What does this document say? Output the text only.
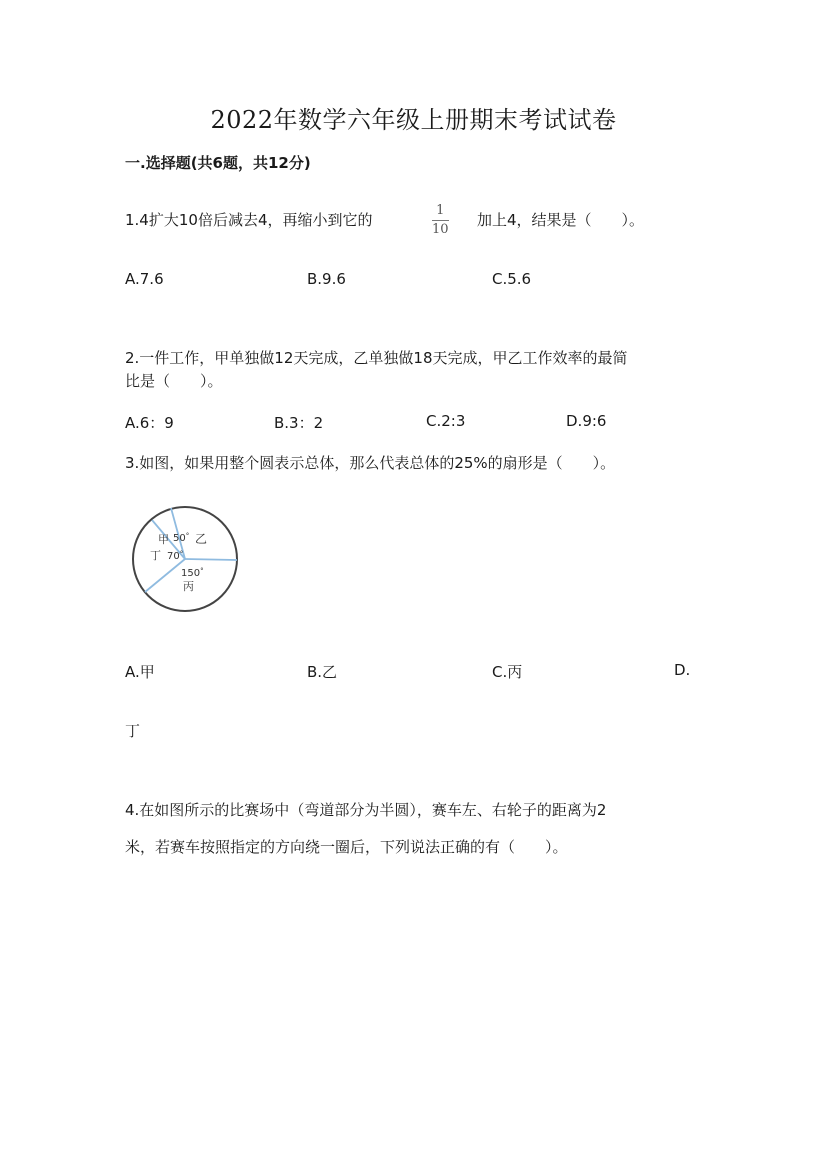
2022年数学六年级上册期末考试试卷
一.选择题(共6题，共12分)
1.4扩大10倍后减去4，再缩小到它的	$\frac{1}{10}$ 加上4，结果是（　　）。
A.7.6	B.9.6	C.5.6
2.一件工作，甲单独做12天完成，乙单独做18天完成，甲乙工作效率的最简
比是（　　）。
A.6：9	B.3：2	C.2:3	D.9:6
3.如图，如果用整个圆表示总体，那么代表总体的25%的扇形是（　　）。
甲 50° 乙
丁 70°
150°
丙
A.甲	B.乙	C.丙	D.
丁
4.在如图所示的比赛场中（弯道部分为半圆），赛车左、右轮子的距离为2
米，若赛车按照指定的方向绕一圈后，下列说法正确的有（　　）。
